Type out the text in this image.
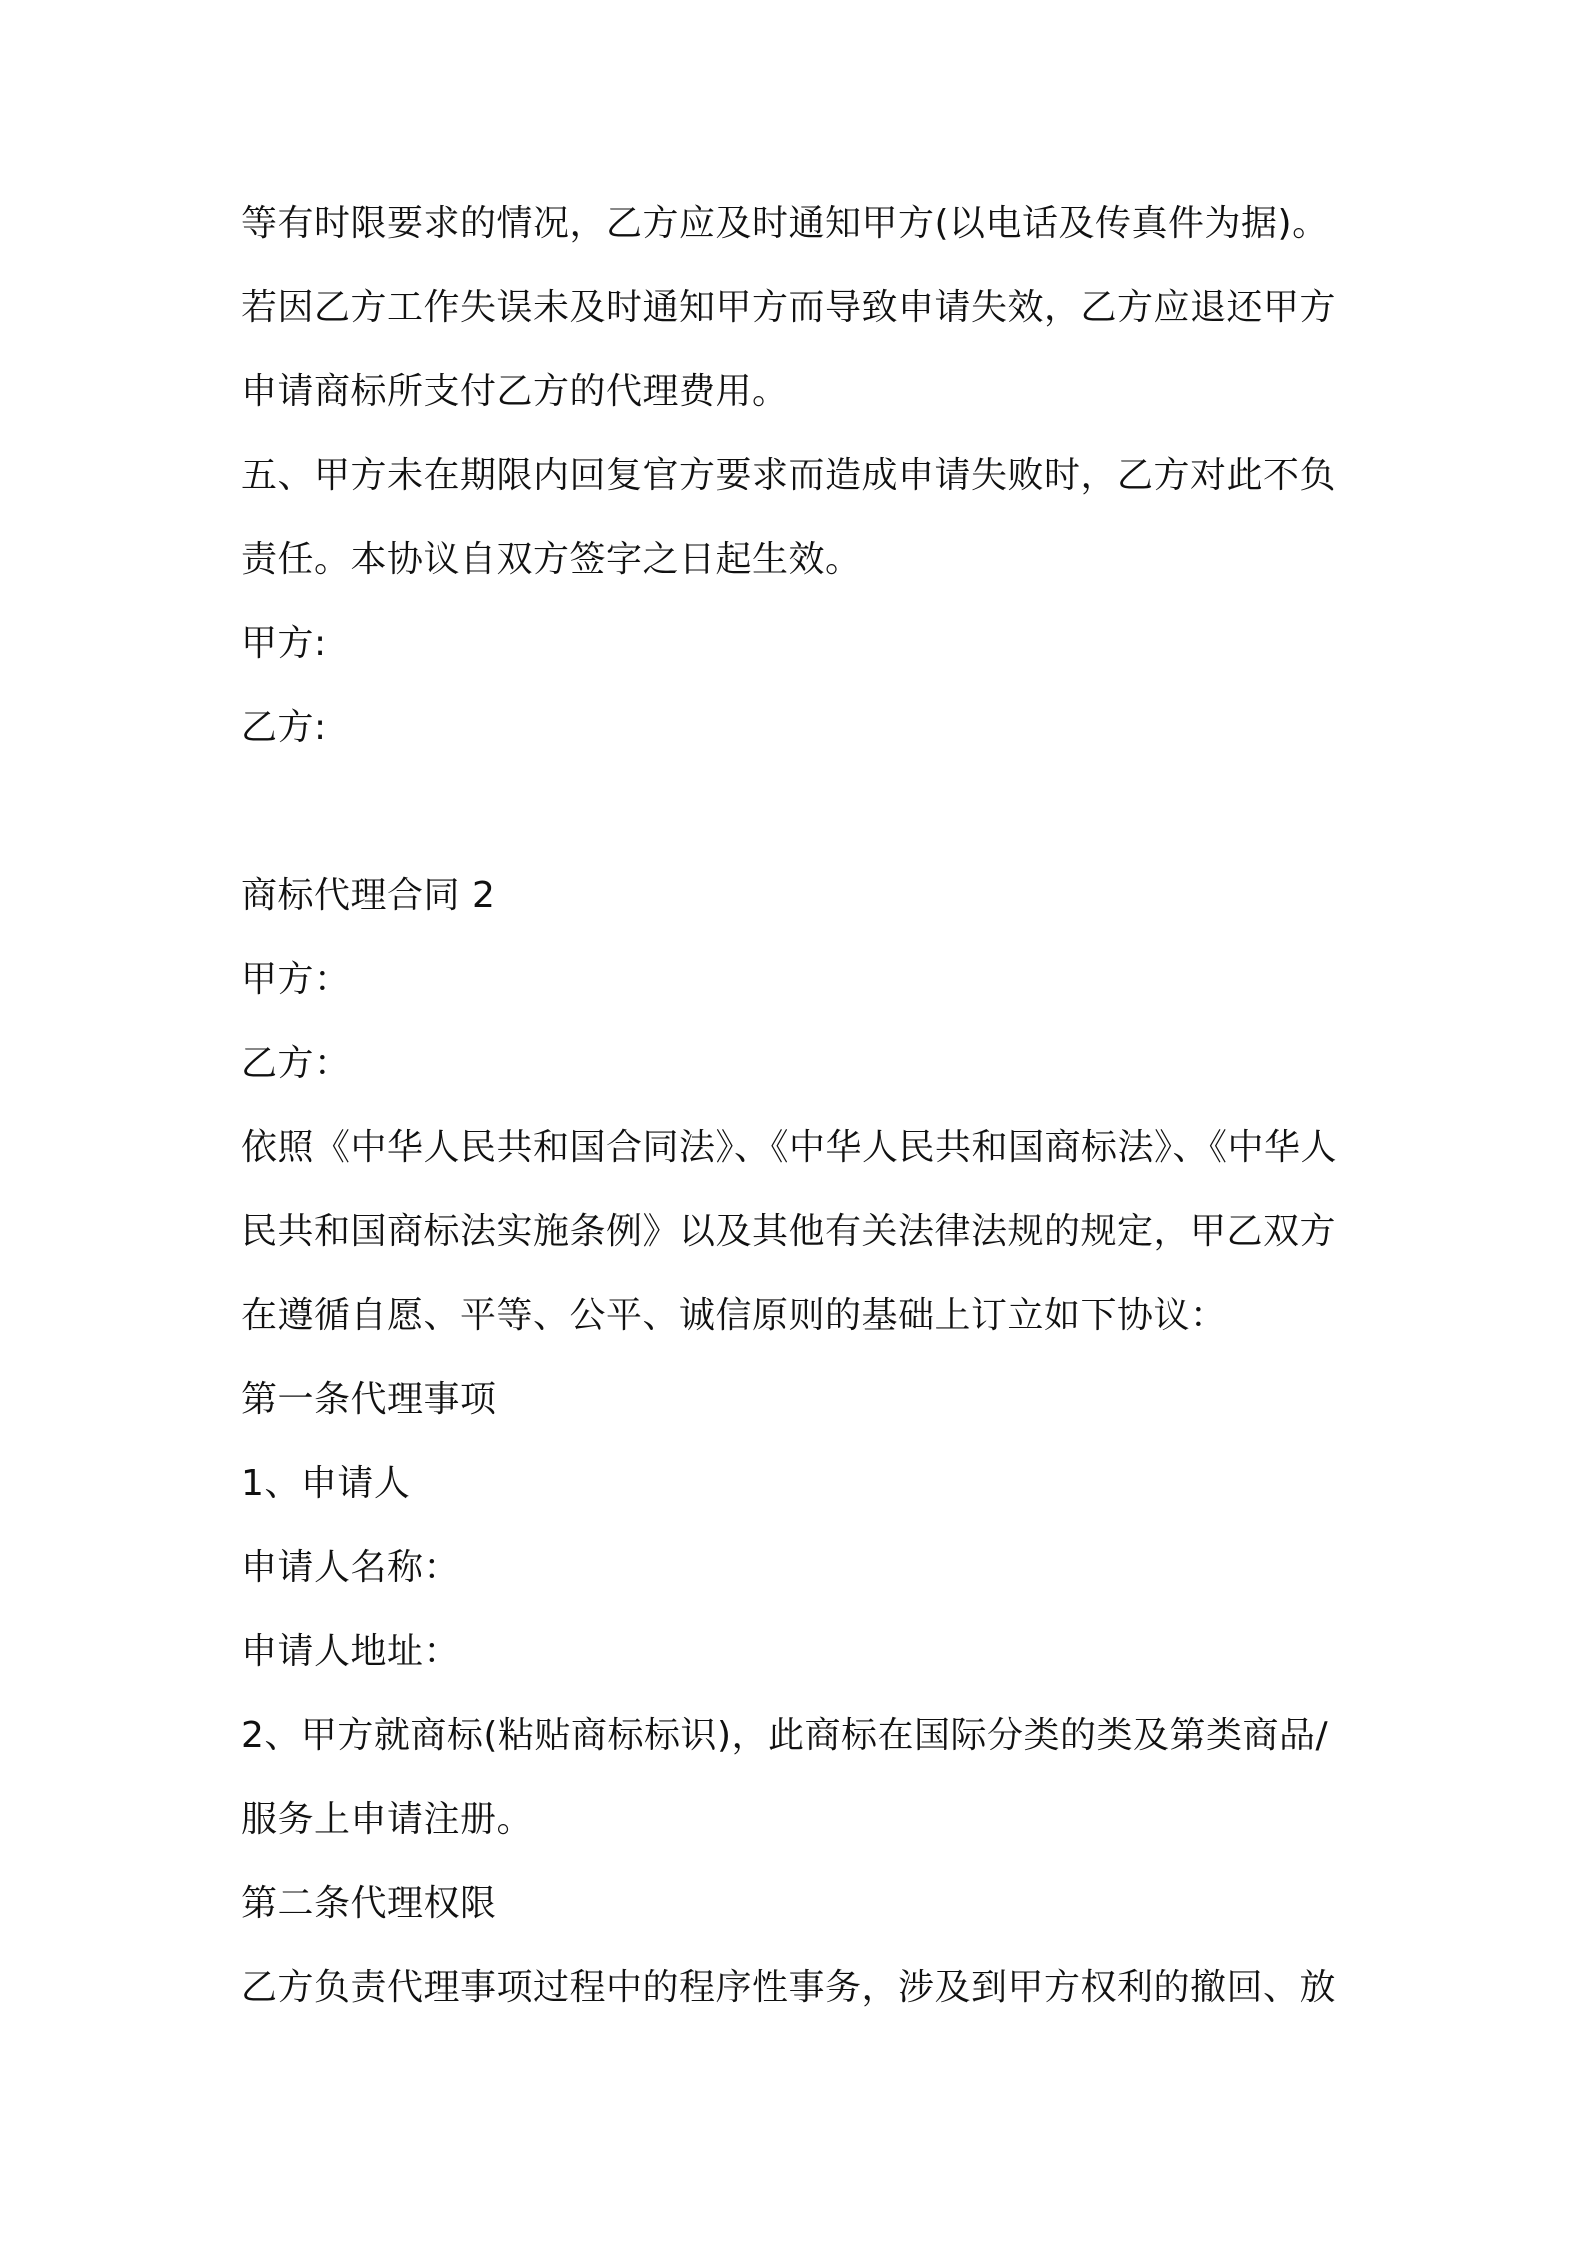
等有时限要求的情况，乙方应及时通知甲方(以电话及传真件为据)。
若因乙方工作失误未及时通知甲方而导致申请失效，乙方应退还甲方
申请商标所支付乙方的代理费用。
五、甲方未在期限内回复官方要求而造成申请失败时，乙方对此不负
责任。本协议自双方签字之日起生效。
甲方:
乙方:
商标代理合同 2
甲方：
乙方：
依照《中华人民共和国合同法》、《中华人民共和国商标法》、《中华人
民共和国商标法实施条例》以及其他有关法律法规的规定，甲乙双方
在遵循自愿、平等、公平、诚信原则的基础上订立如下协议：
第一条代理事项
1、申请人
申请人名称：
申请人地址：
2、甲方就商标(粘贴商标标识)，此商标在国际分类的类及第类商品/
服务上申请注册。
第二条代理权限
乙方负责代理事项过程中的程序性事务，涉及到甲方权利的撤回、放
